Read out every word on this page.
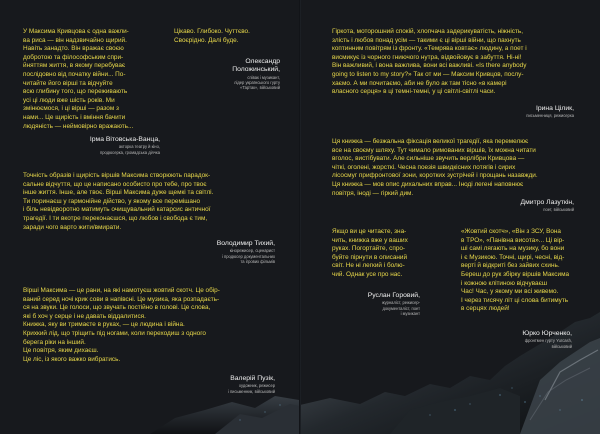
У Максима Кривцова є одна важли-
ва риса — він надзвичайно щирий.
Навіть занадто. Він вражає своєю
добротою та філософським спри-
йняттям життя, в якому перебуває
послідовно від початку війни... По-
читайте його вірші та відчуйте
всю глибину того, що переживають
усі ці люди вже шість років. Ми
змінюємося, і ці вірші — разом з
нами... Це щирість і вміння бачити
людяність — неймовірно вражають...

Ірма Вітовська-Ванца,
акторка театру й кіно,
продюсерка, громадська діячка

Цікаво. Глибоко. Чуттєво.
Своєрідно. Далі буде.

Олександр
Положинський,
співак і музикант,
лідер українського гурту
«Тартак», військовий

Точність образів і щирість віршів Максима створюють парадок-
сальне відчуття, що це написано особисто про тебе, про твоє
інше життя. Інше, але твоє. Вірші Максима дуже щемкі та світлі.
Ти поринаєш у гармонійне дійство, у якому все перемішано
і біль невідворотно матимуть очищувальний катарсис античної
трагедії. І ти вкотре переконаєшся, що любов і свобода є тим,
заради чого варто жити/вмирати.

Володимир Тихий,
кінорежисер, сценарист
і продюсер документальних
та ігрових фільмів

Вірші Максима — це рани, на які намотуєш жовтий скотч. Це обір-
ваний серед ночі крик сови в напівсні. Це музика, яка розпадаєть-
ся на звуки. Це голоси, що звучать постійно в голові. Це слова,
які б хоч у серце і не давать віддалитися.
Книжка, яку ви тримаєте в руках, — це людина і війна.
Крихкий лід, що тріщить під ногами, коли переходиш з одного
берега ріки на інший.
Це повітря, яким дихаєш.
Це ліс, із якого важко вибратись.

Валерій Пузік,
художник, режисер
і письменник, військовий

Гіркота, моторошний спокій, хлопчача задерикуватість, ніжність,
злість і любов понад усім — такими є ці вірші війни, що пахнуть
коптинним повітрям із фронту. «Темрява ковтає» людину, а поет і
висмикує із чорного гниючого нутра, відвойовує в забуття. Ні-ні!
Він важливий, і вона важлива, вони всі важливі. «Is there anybody
going to listen to my story?» Так от ми — Максим Кривцов, послу-
хаємо. А ми почитаємо, аби не було ак там тісно «в камері
власного серця» в ці темні-темні, у ці світлі-світлі часи.

Ірина Цілик,
письменниця, режисерка

Ця книжка — безжальна фіксація великої трагедії, яка перемелює
все на своєму шляху. Тут чимало римованих віршів, їх можна читати
вголос, вистібувати. Але сильніше звучить верлібри Кривцова —
чіткі, оголені, жорсткі. Чесна поезія швидкісних потягів і сирих
лісосмуг прифронтової зони, коротких зустрічей і прощань назавжди.
Ця книжка — мов опис дихальних вправ... Іноді легені наповнює
повітря, іноді — гіркий дим.

Дмитро Лазуткін,
поет, військовий

Якщо ви це читаєте, зна-
чить, книжка вже у ваших
руках. Погортайте, спро-
буйте пірнути в описаний
світ. Не ні легкий і болю-
чий. Однак усе про нас.

Руслан Горовий,
журналіст, режисер-
документаліст, поет
і музикант

«Жовтий скотч», «Він з ЗСУ, Вона
в ТРО», «Панівна висота»... Ці вір-
ші самі лягають на музику, бо вони
і є Музикою. Точні, щирі, чесні, від-
верті й відкриті без зайвих схинь.
Береш до рук збірку віршів Максима
і кожною клітиною відчуваєш
Час! Час, у якому ми всі живемо.
І через тисячу літ ці слова битимуть
в серцях людей!

Юрко Юрченко,
фронтмен гурту Yurcash,
військовий
